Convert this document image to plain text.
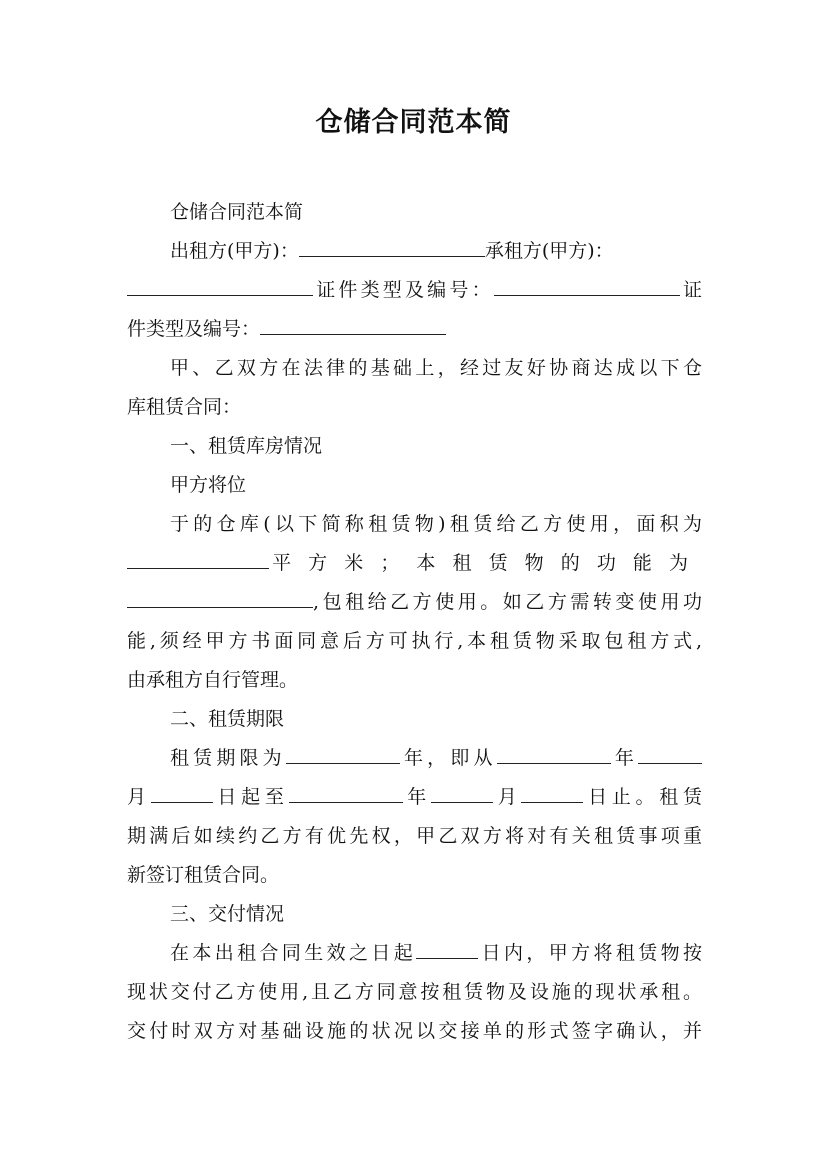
仓储合同范本简
仓储合同范本简
出租方(甲方)：	承租方(甲方)：
证件类型及编号：	证
件类型及编号：
甲、乙双方在法律的基础上，经过友好协商达成以下仓
库租赁合同：
一、租赁库房情况
甲方将位
于的仓库(以下简称租赁物)租赁给乙方使用，面积为
平方米；本租赁物的功能为
,包租给乙方使用。如乙方需转变使用功
能,须经甲方书面同意后方可执行,本租赁物采取包租方式,
由承租方自行管理。
二、租赁期限
租赁期限为	年，即从	年
月	日起至	年	月	日止。租赁
期满后如续约乙方有优先权，甲乙双方将对有关租赁事项重
新签订租赁合同。
三、交付情况
在本出租合同生效之日起	日内，甲方将租赁物按
现状交付乙方使用,且乙方同意按租赁物及设施的现状承租。
交付时双方对基础设施的状况以交接单的形式签字确认，并
